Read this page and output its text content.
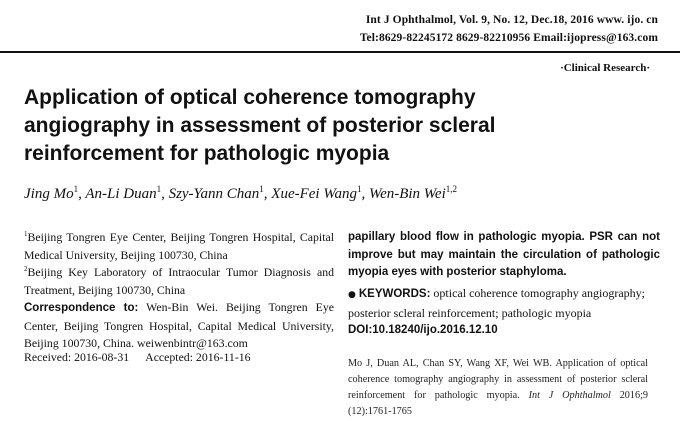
Int J Ophthalmol, Vol. 9, No. 12, Dec.18, 2016 www. ijo. cn
Tel:8629-82245172 8629-82210956 Email:ijopress@163.com
·Clinical Research·
Application of optical coherence tomography
angiography in assessment of posterior scleral
reinforcement for pathologic myopia
Jing Mo$^1$, An-Li Duan$^1$, Szy-Yann Chan$^1$, Xue-Fei Wang$^1$, Wen-Bin Wei$^{1,2}$

$^1$Beijing Tongren Eye Center, Beijing Tongren Hospital, Capital Medical University, Beijing 100730, China

$^2$Beijing Key Laboratory of Intraocular Tumor Diagnosis and Treatment, Beijing 100730, China

Correspondence to: Wen-Bin Wei. Beijing Tongren Eye Center, Beijing Tongren Hospital, Capital Medical University, Beijing 100730, China. weiwenbintr@163.com

Received: 2016-08-31 Accepted: 2016-11-16

papillary blood flow in pathologic myopia. PSR can not improve but may maintain the circulation of pathologic myopia eyes with posterior staphyloma.

● KEYWORDS: optical coherence tomography angiography; posterior scleral reinforcement; pathologic myopia
DOI:10.18240/ijo.2016.12.10
Mo J, Duan AL, Chan SY, Wang XF, Wei WB. Application of optical coherence tomography angiography in assessment of posterior scleral reinforcement for pathologic myopia. Int J Ophthalmol 2016;9 (12):1761-1765
